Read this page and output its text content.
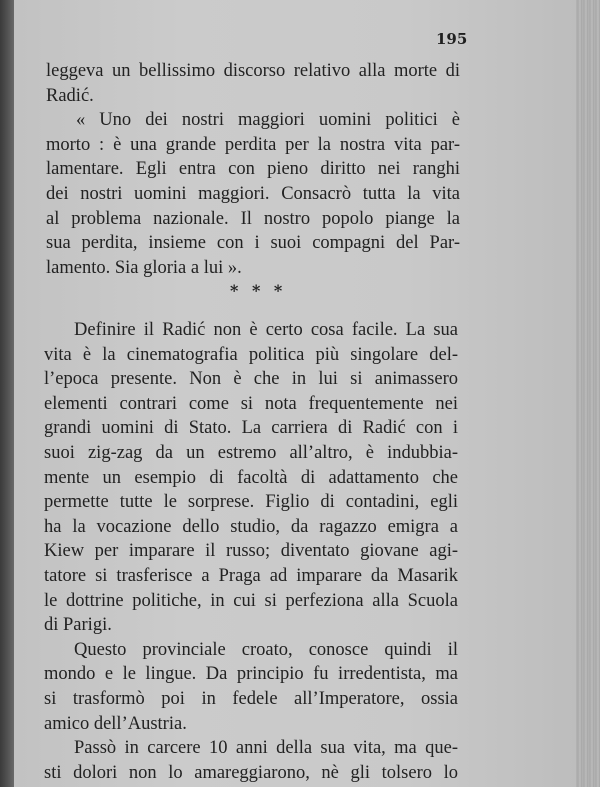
195
leggeva un bellissimo discorso relativo alla morte di
Radić.
« Uno dei nostri maggiori uomini politici è
morto : è una grande perdita per la nostra vita par-
lamentare. Egli entra con pieno diritto nei ranghi
dei nostri uomini maggiori. Consacrò tutta la vita
al problema nazionale. Il nostro popolo piange la
sua perdita, insieme con i suoi compagni del Par-
lamento. Sia gloria a lui ».
* * *
Definire il Radić non è certo cosa facile. La sua
vita è la cinematografia politica più singolare del-
l’epoca presente. Non è che in lui si animassero
elementi contrari come si nota frequentemente nei
grandi uomini di Stato. La carriera di Radić con i
suoi zig-zag da un estremo all’altro, è indubbia-
mente un esempio di facoltà di adattamento che
permette tutte le sorprese. Figlio di contadini, egli
ha la vocazione dello studio, da ragazzo emigra a
Kiew per imparare il russo; diventato giovane agi-
tatore si trasferisce a Praga ad imparare da Masarik
le dottrine politiche, in cui si perfeziona alla Scuola
di Parigi.
Questo provinciale croato, conosce quindi il
mondo e le lingue. Da principio fu irredentista, ma
si trasformò poi in fedele all’Imperatore, ossia
amico dell’Austria.
Passò in carcere 10 anni della sua vita, ma que-
sti dolori non lo amareggiarono, nè gli tolsero lo
